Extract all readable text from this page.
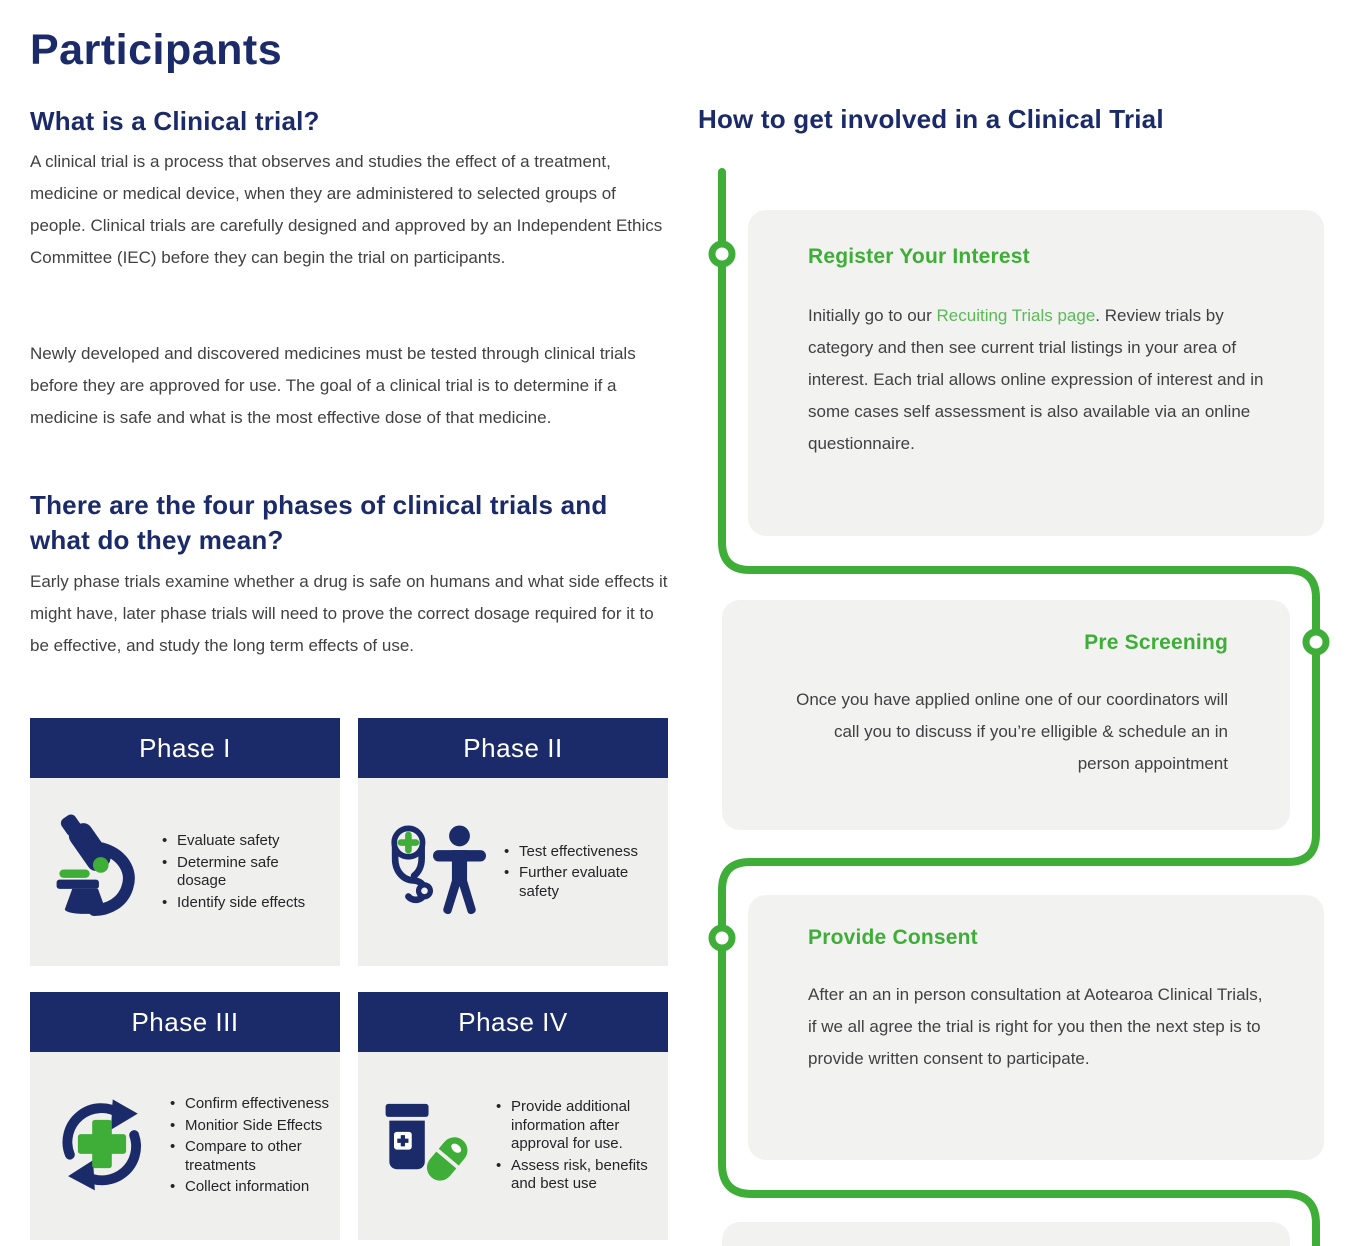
Participants
What is a Clinical trial?

A clinical trial is a process that observes and studies the effect of a treatment, medicine or medical device, when they are administered to selected groups of people. Clinical trials are carefully designed and approved by an Independent Ethics Committee (IEC) before they can begin the trial on participants.

Newly developed and discovered medicines must be tested through clinical trials before they are approved for use. The goal of a clinical trial is to determine if a medicine is safe and what is the most effective dose of that medicine.

There are the four phases of clinical trials and what do they mean?

Early phase trials examine whether a drug is safe on humans and what side effects it might have, later phase trials will need to prove the correct dosage required for it to be effective, and study the long term effects of use.

Phase I
• Evaluate safety
• Determine safe dosage
• Identify side effects
Phase II
• Test effectiveness
• Further evaluate safety
Phase III
• Confirm effectiveness
• Monitior Side Effects
• Compare to other treatments
• Collect information
Phase IV
• Provide additional information after approval for use.
• Assess risk, benefits and best use
How to get involved in a Clinical Trial
Register Your Interest
Initially go to our Recuiting Trials page. Review trials by category and then see current trial listings in your area of interest. Each trial allows online expression of interest and in some cases self assessment is also available via an online questionnaire.
Pre Screening
Once you have applied online one of our coordinators will call you to discuss if you’re elligible & schedule an in person appointment
Provide Consent
After an an in person consultation at Aotearoa Clinical Trials, if we all agree the trial is right for you then the next step is to provide written consent to participate.
